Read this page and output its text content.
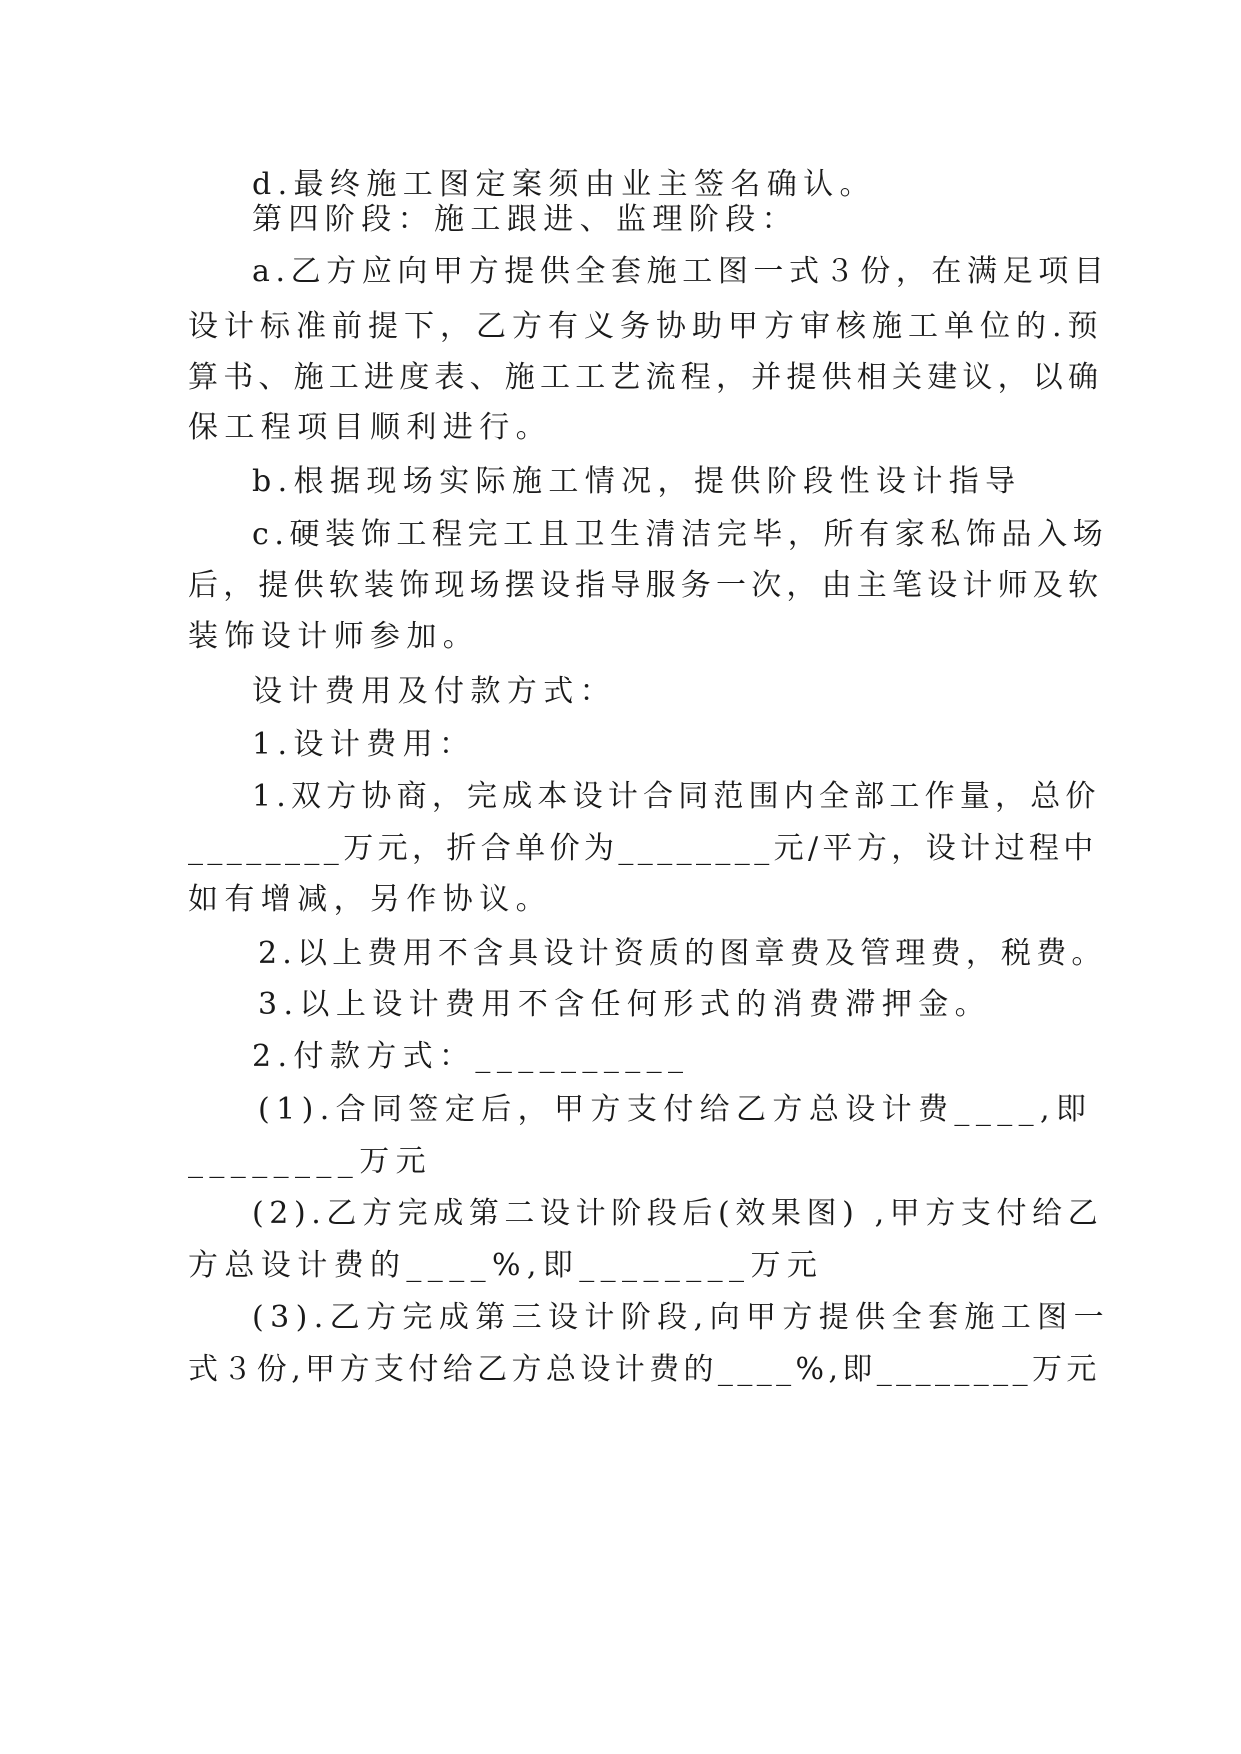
d.最终施工图定案须由业主签名确认。
第四阶段：施工跟进、监理阶段：
a.乙方应向甲方提供全套施工图一式３份，在满足项目
设计标准前提下，乙方有义务协助甲方审核施工单位的.预
算书、施工进度表、施工工艺流程，并提供相关建议，以确
保工程项目顺利进行。
b.根据现场实际施工情况，提供阶段性设计指导
c.硬装饰工程完工且卫生清洁完毕，所有家私饰品入场
后，提供软装饰现场摆设指导服务一次，由主笔设计师及软
装饰设计师参加。
设计费用及付款方式：
1.设计费用：
1.双方协商，完成本设计合同范围内全部工作量，总价
________万元，折合单价为________元/平方，设计过程中
如有增减，另作协议。
2.以上费用不含具设计资质的图章费及管理费，税费。
3.以上设计费用不含任何形式的消费滞押金。
2.付款方式：__________
(1).合同签定后，甲方支付给乙方总设计费____,即
________万元
(2).乙方完成第二设计阶段后(效果图) ,甲方支付给乙
方总设计费的____%,即________万元
(3).乙方完成第三设计阶段,向甲方提供全套施工图一
式３份,甲方支付给乙方总设计费的____%,即________万元
